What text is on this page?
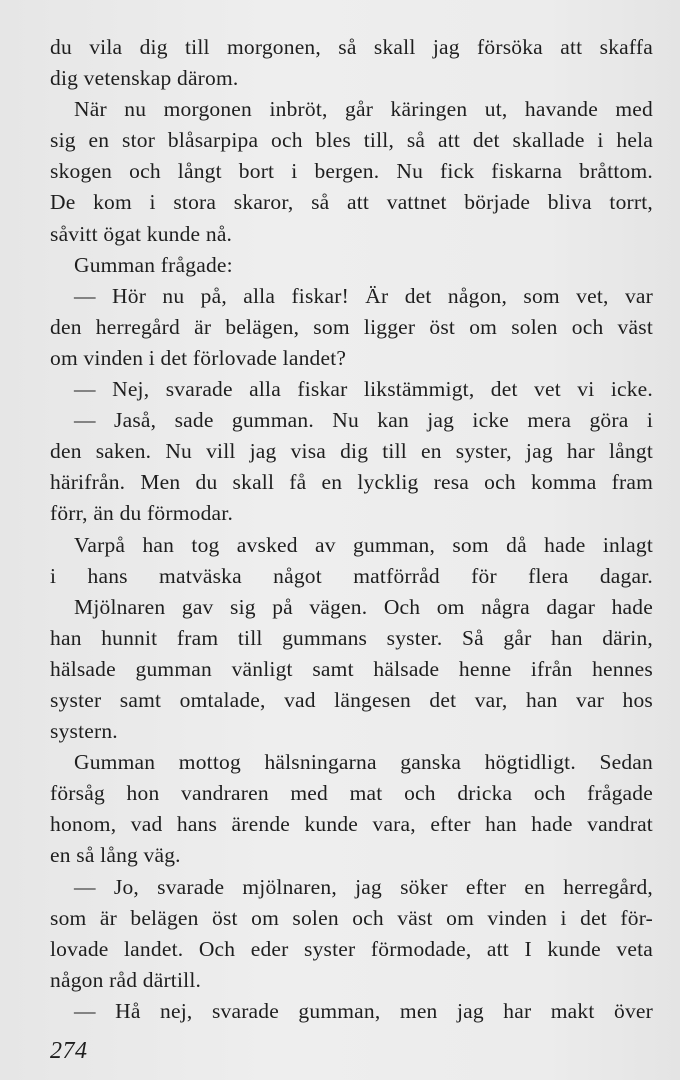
du vila dig till morgonen, så skall jag försöka att skaffa
dig vetenskap därom.
När nu morgonen inbröt, går käringen ut, havande med
sig en stor blåsarpipa och bles till, så att det skallade i hela
skogen och långt bort i bergen. Nu fick fiskarna bråttom.
De kom i stora skaror, så att vattnet började bliva torrt,
såvitt ögat kunde nå.
Gumman frågade:
— Hör nu på, alla fiskar! Är det någon, som vet, var
den herregård är belägen, som ligger öst om solen och väst
om vinden i det förlovade landet?
— Nej, svarade alla fiskar likstämmigt, det vet vi icke.
— Jaså, sade gumman. Nu kan jag icke mera göra i
den saken. Nu vill jag visa dig till en syster, jag har långt
härifrån. Men du skall få en lycklig resa och komma fram
förr, än du förmodar.
Varpå han tog avsked av gumman, som då hade inlagt
i hans matväska något matförråd för flera dagar.
Mjölnaren gav sig på vägen. Och om några dagar hade
han hunnit fram till gummans syster. Så går han därin,
hälsade gumman vänligt samt hälsade henne ifrån hennes
syster samt omtalade, vad längesen det var, han var hos
systern.
Gumman mottog hälsningarna ganska högtidligt. Sedan
försåg hon vandraren med mat och dricka och frågade
honom, vad hans ärende kunde vara, efter han hade vandrat
en så lång väg.
— Jo, svarade mjölnaren, jag söker efter en herregård,
som är belägen öst om solen och väst om vinden i det för-
lovade landet. Och eder syster förmodade, att I kunde veta
någon råd därtill.
— Hå nej, svarade gumman, men jag har makt över
274
